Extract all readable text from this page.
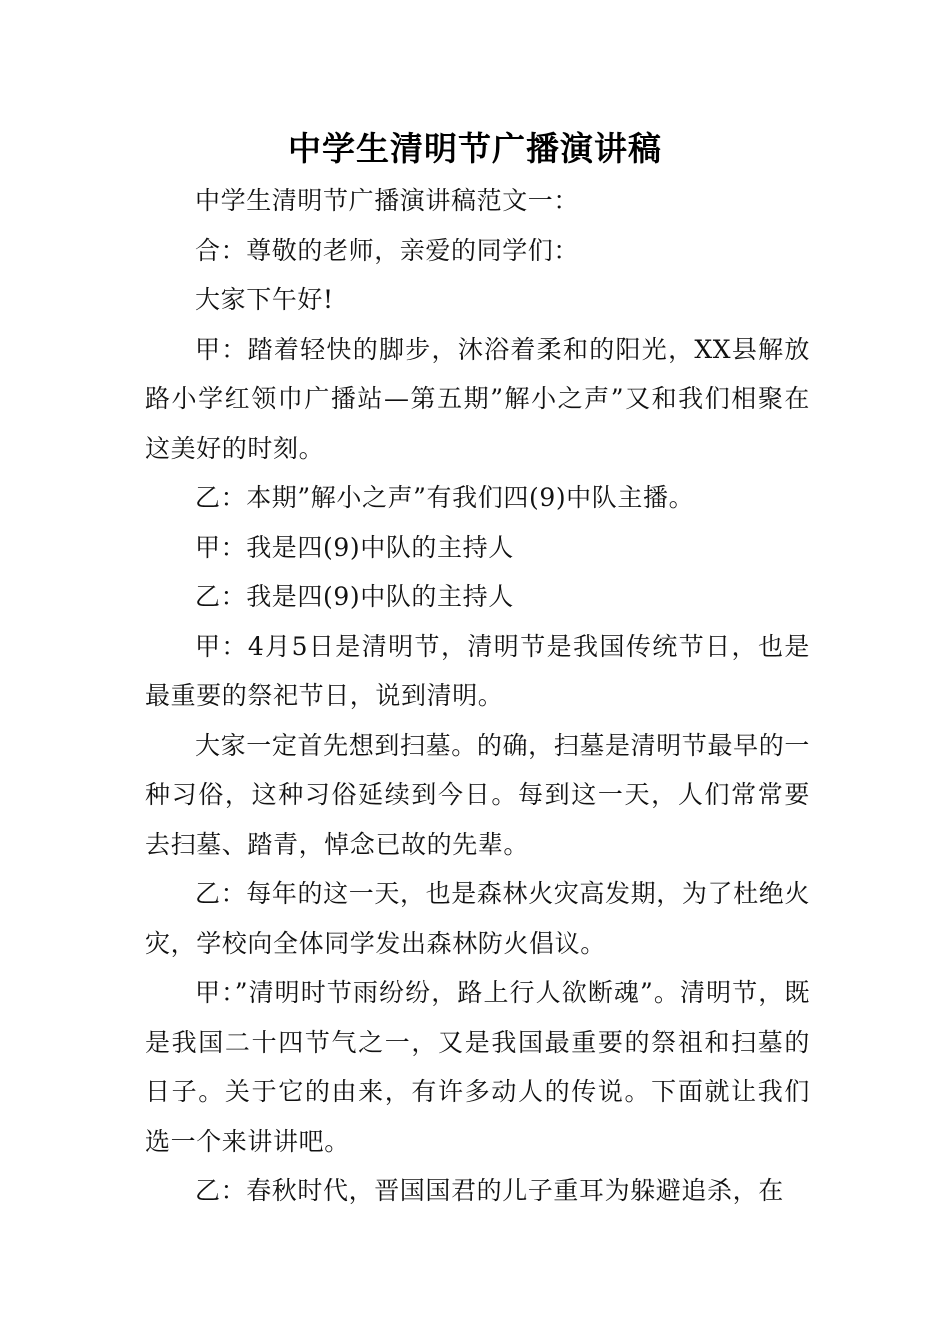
中学生清明节广播演讲稿

中学生清明节广播演讲稿范文一：

合：尊敬的老师，亲爱的同学们：

大家下午好!

甲：踏着轻快的脚步，沐浴着柔和的阳光，XX县解放路小学红领巾广播站—第五期”解小之声”又和我们相聚在这美好的时刻。

乙：本期”解小之声”有我们四(9)中队主播。

甲：我是四(9)中队的主持人

乙：我是四(9)中队的主持人

甲：4月5日是清明节，清明节是我国传统节日，也是最重要的祭祀节日，说到清明。

大家一定首先想到扫墓。的确，扫墓是清明节最早的一种习俗，这种习俗延续到今日。每到这一天，人们常常要去扫墓、踏青，悼念已故的先辈。

乙：每年的这一天，也是森林火灾高发期，为了杜绝火灾，学校向全体同学发出森林防火倡议。

甲：”清明时节雨纷纷，路上行人欲断魂”。清明节，既是我国二十四节气之一，又是我国最重要的祭祖和扫墓的日子。关于它的由来，有许多动人的传说。下面就让我们选一个来讲讲吧。

乙：春秋时代，晋国国君的儿子重耳为躲避追杀，在
